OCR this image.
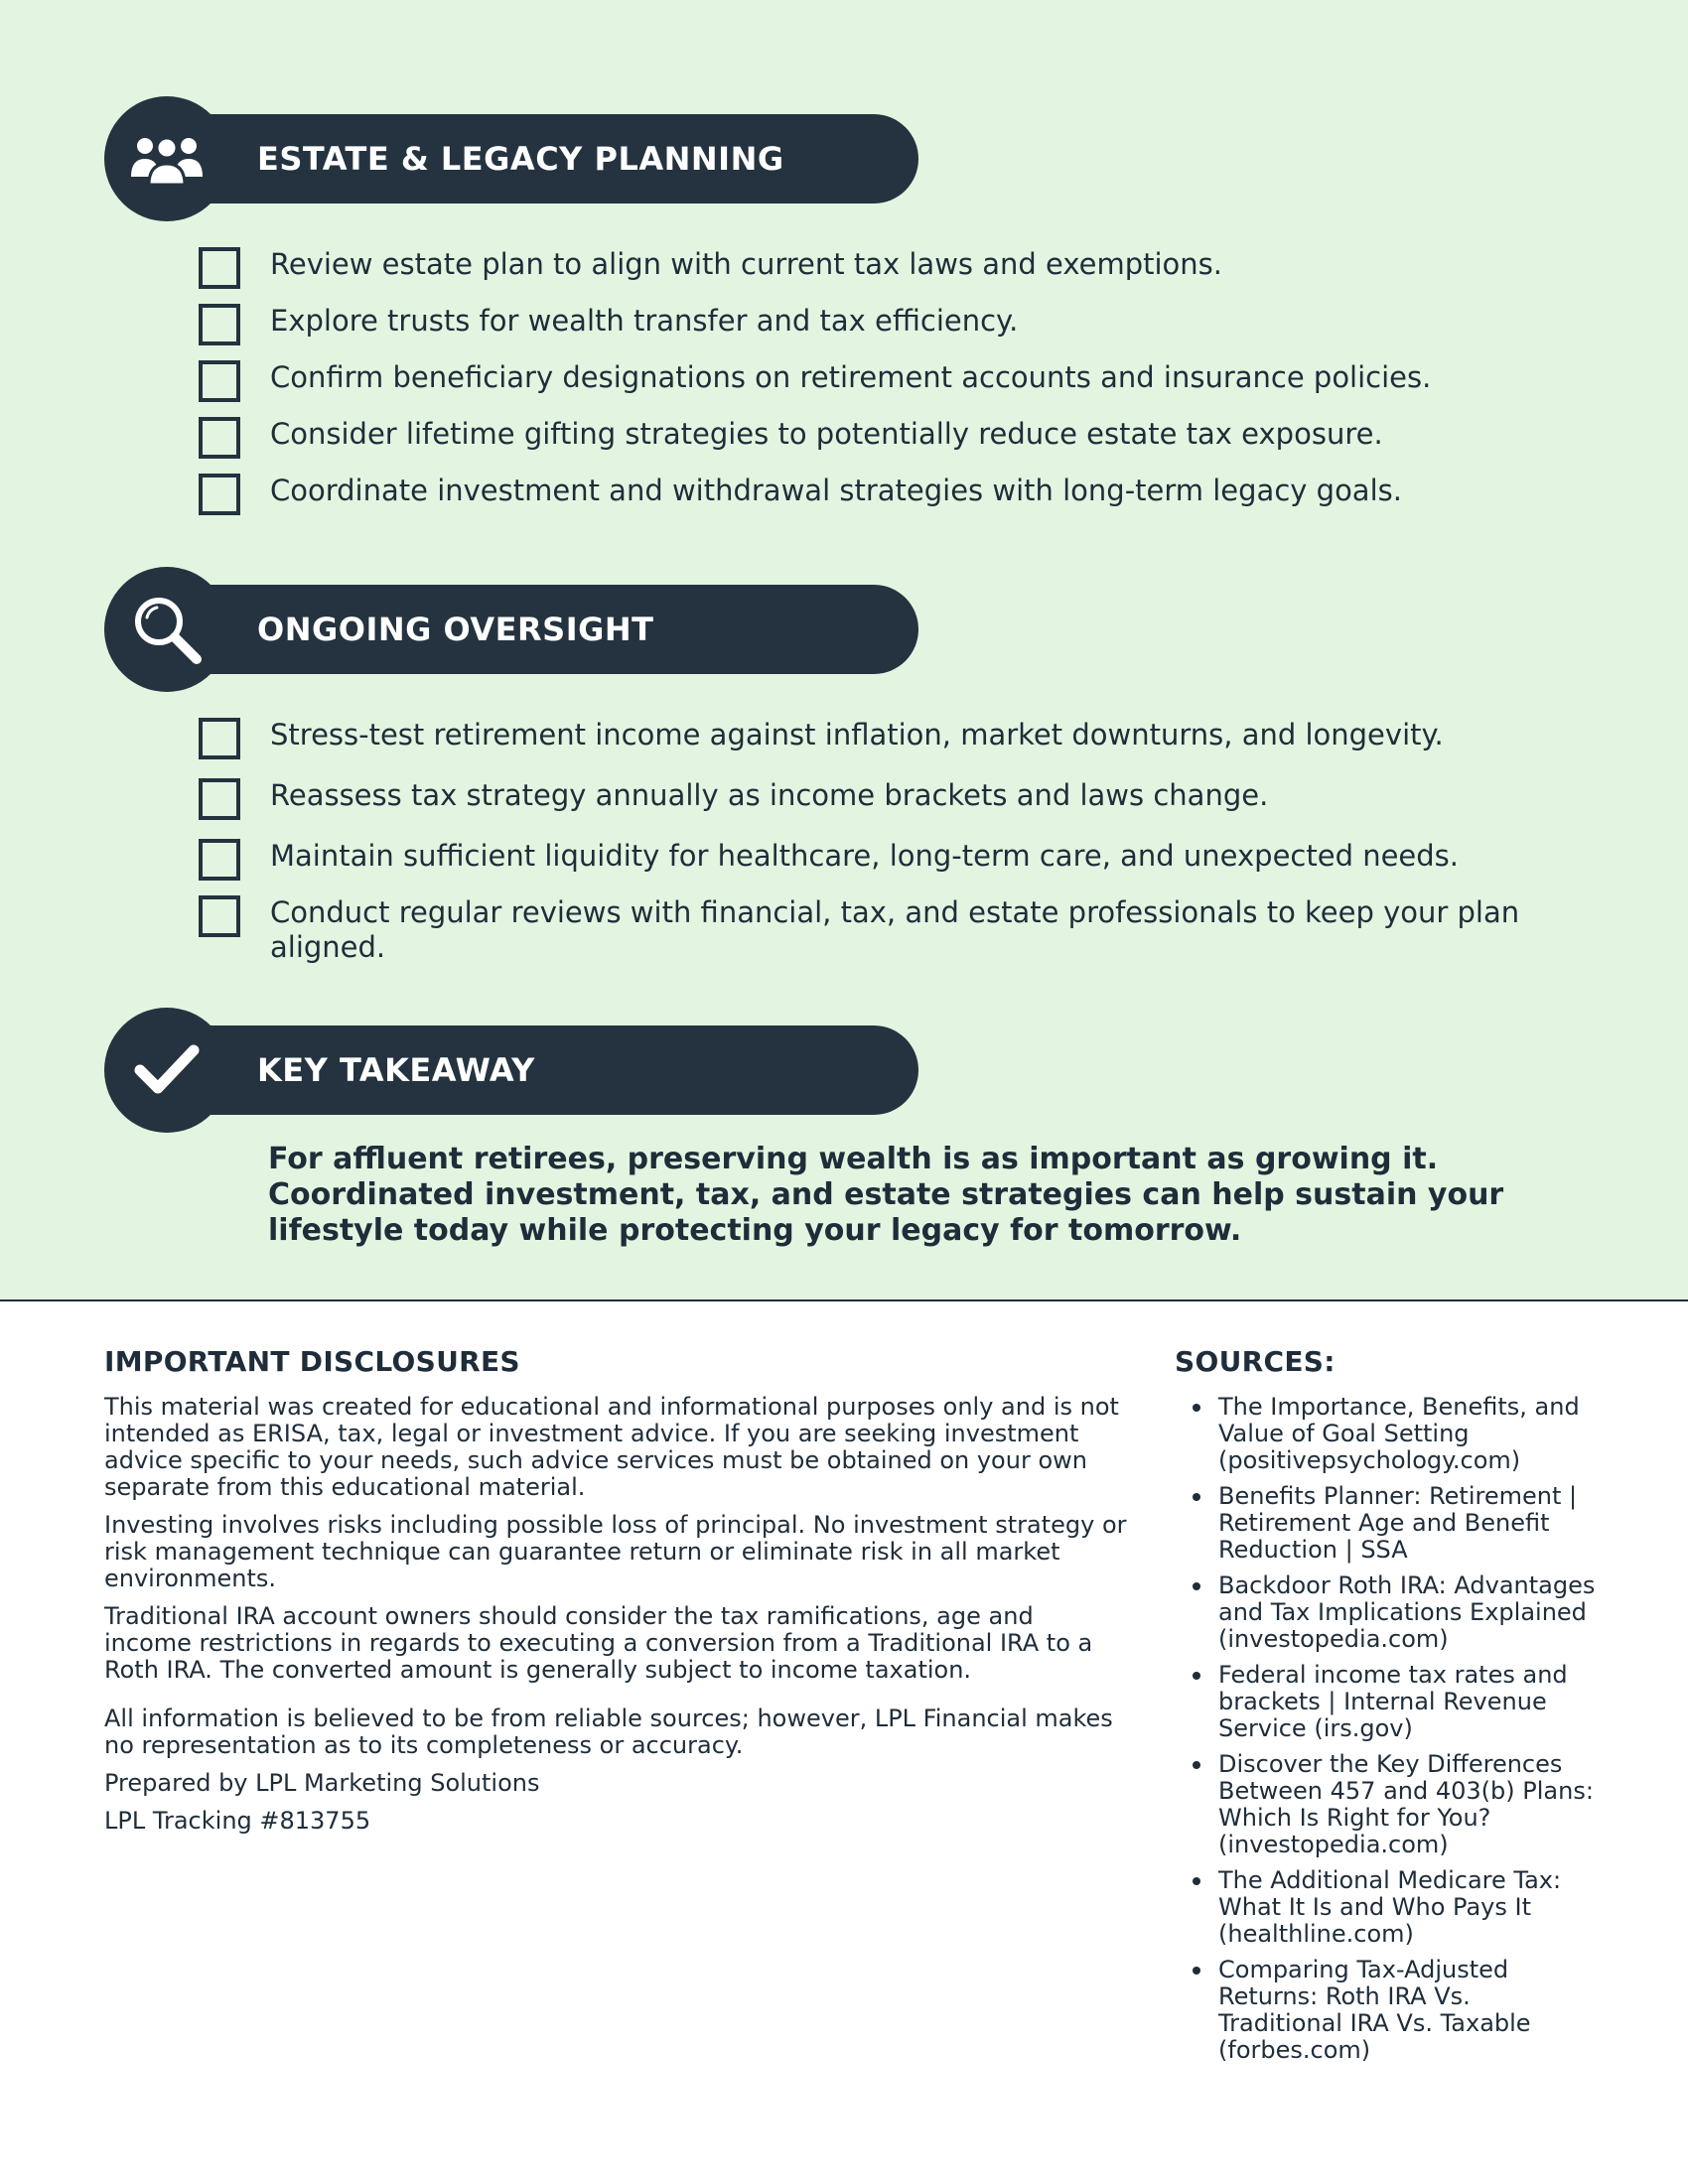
ESTATE & LEGACY PLANNING
Review estate plan to align with current tax laws and exemptions.
Explore trusts for wealth transfer and tax efficiency.
Confirm beneficiary designations on retirement accounts and insurance policies.
Consider lifetime gifting strategies to potentially reduce estate tax exposure.
Coordinate investment and withdrawal strategies with long-term legacy goals.
ONGOING OVERSIGHT
Stress-test retirement income against inflation, market downturns, and longevity.
Reassess tax strategy annually as income brackets and laws change.
Maintain sufficient liquidity for healthcare, long-term care, and unexpected needs.
Conduct regular reviews with financial, tax, and estate professionals to keep your plan aligned.
KEY TAKEAWAY

For affluent retirees, preserving wealth is as important as growing it. Coordinated investment, tax, and estate strategies can help sustain your lifestyle today while protecting your legacy for tomorrow.

IMPORTANT DISCLOSURES

This material was created for educational and informational purposes only and is not intended as ERISA, tax, legal or investment advice. If you are seeking investment advice specific to your needs, such advice services must be obtained on your own separate from this educational material.

Investing involves risks including possible loss of principal. No investment strategy or risk management technique can guarantee return or eliminate risk in all market environments.

Traditional IRA account owners should consider the tax ramifications, age and income restrictions in regards to executing a conversion from a Traditional IRA to a Roth IRA. The converted amount is generally subject to income taxation.

All information is believed to be from reliable sources; however, LPL Financial makes no representation as to its completeness or accuracy.

Prepared by LPL Marketing Solutions

LPL Tracking #813755

SOURCES:
The Importance, Benefits, and Value of Goal Setting (positivepsychology.com)
Benefits Planner: Retirement | Retirement Age and Benefit Reduction | SSA
Backdoor Roth IRA: Advantages and Tax Implications Explained (investopedia.com)
Federal income tax rates and brackets | Internal Revenue Service (irs.gov)
Discover the Key Differences Between 457 and 403(b) Plans: Which Is Right for You? (investopedia.com)
The Additional Medicare Tax: What It Is and Who Pays It (healthline.com)
Comparing Tax-Adjusted Returns: Roth IRA Vs. Traditional IRA Vs. Taxable (forbes.com)
